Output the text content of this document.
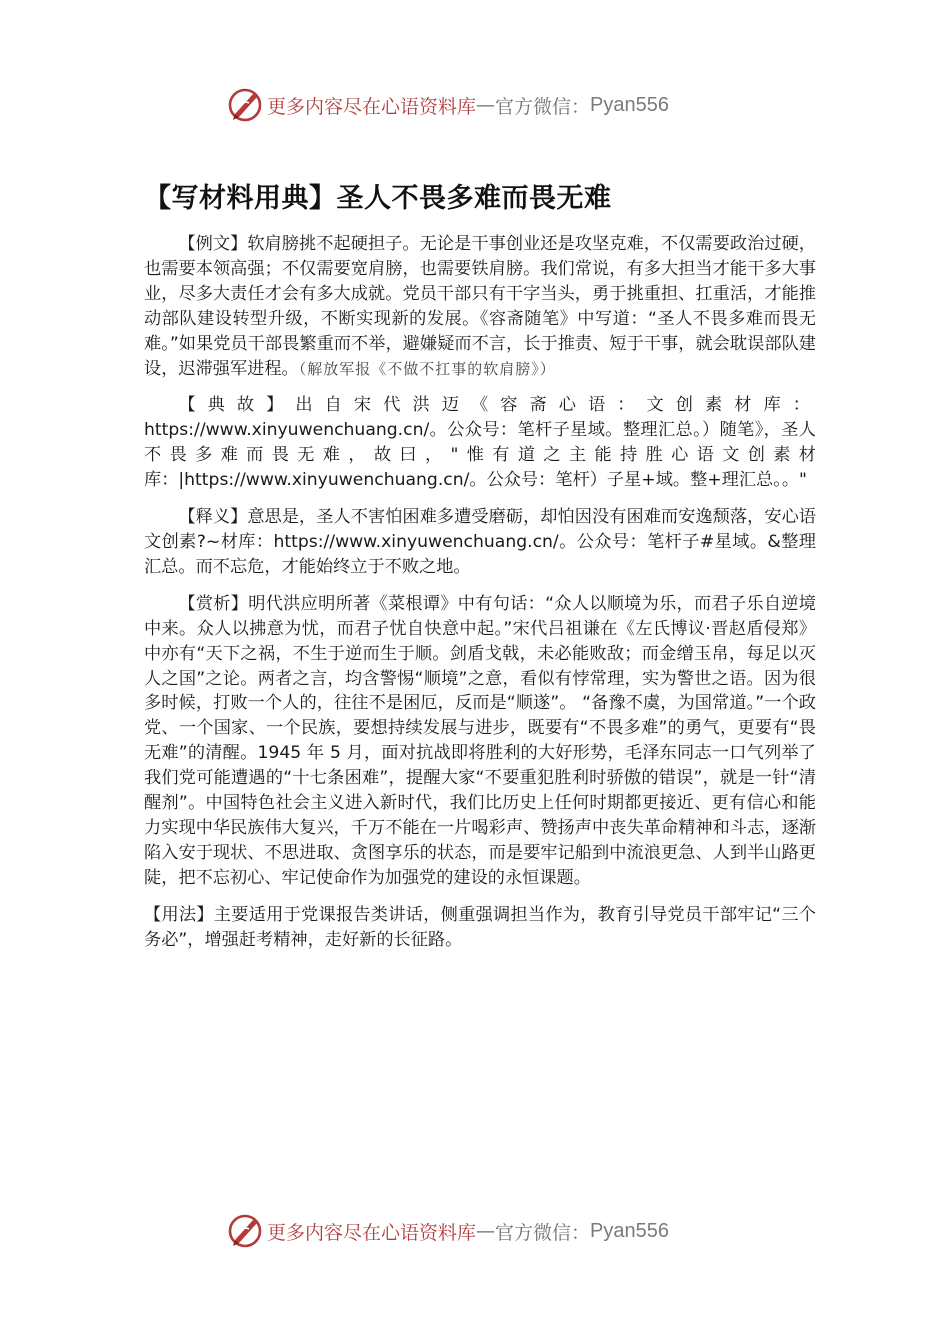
更多内容尽在心语资料库 — 官方微信： Pyan556
【写材料用典】圣人不畏多难而畏无难

【例文】软肩膀挑不起硬担子。无论是干事创业还是攻坚克难，不仅需要政治过硬，也需要本领高强；不仅需要宽肩膀，也需要铁肩膀。我们常说，有多大担当才能干多大事业，尽多大责任才会有多大成就。党员干部只有干字当头，勇于挑重担、扛重活，才能推动部队建设转型升级，不断实现新的发展。《容斋随笔》中写道：“圣人不畏多难而畏无难。”如果党员干部畏繁重而不举，避嫌疑而不言，长于推责、短于干事，就会耽误部队建设，迟滞强军进程。（解放军报《不做不扛事的软肩膀》）

【典故】出自宋代洪迈《容斋心语：文创素材库：https://www.xinyuwenchuang.cn/。公众号：笔杆子星域。整理汇总。）随笔》，圣人不畏多难而畏无难，故曰，"惟有道之主能持胜心语文创素材库：|https://www.xinyuwenchuang.cn/。公众号：笔杆）子星+域。整+理汇总。。"

【释义】意思是，圣人不害怕困难多遭受磨砺，却怕因没有困难而安逸颓落，安心语文创素?~材库：https://www.xinyuwenchuang.cn/。公众号：笔杆子#星域。&整理汇总。而不忘危，才能始终立于不败之地。

【赏析】明代洪应明所著《菜根谭》中有句话：“众人以顺境为乐，而君子乐自逆境中来。众人以拂意为忧，而君子忧自快意中起。”宋代吕祖谦在《左氏博议·晋赵盾侵郑》中亦有“天下之祸，不生于逆而生于顺。剑盾戈戟，未必能败敌；而金缯玉帛，每足以灭人之国”之论。两者之言，均含警惕“顺境”之意，看似有悖常理，实为警世之语。因为很多时候，打败一个人的，往往不是困厄，反而是“顺遂”。 “备豫不虞，为国常道。”一个政党、一个国家、一个民族，要想持续发展与进步，既要有“不畏多难”的勇气，更要有“畏无难”的清醒。1945 年 5 月，面对抗战即将胜利的大好形势，毛泽东同志一口气列举了我们党可能遭遇的“十七条困难”，提醒大家“不要重犯胜利时骄傲的错误”，就是一针“清醒剂”。中国特色社会主义进入新时代，我们比历史上任何时期都更接近、更有信心和能力实现中华民族伟大复兴，千万不能在一片喝彩声、赞扬声中丧失革命精神和斗志，逐渐陷入安于现状、不思进取、贪图享乐的状态，而是要牢记船到中流浪更急、人到半山路更陡，把不忘初心、牢记使命作为加强党的建设的永恒课题。

【用法】主要适用于党课报告类讲话，侧重强调担当作为，教育引导党员干部牢记“三个务必”，增强赶考精神，走好新的长征路。

更多内容尽在心语资料库 — 官方微信： Pyan556
